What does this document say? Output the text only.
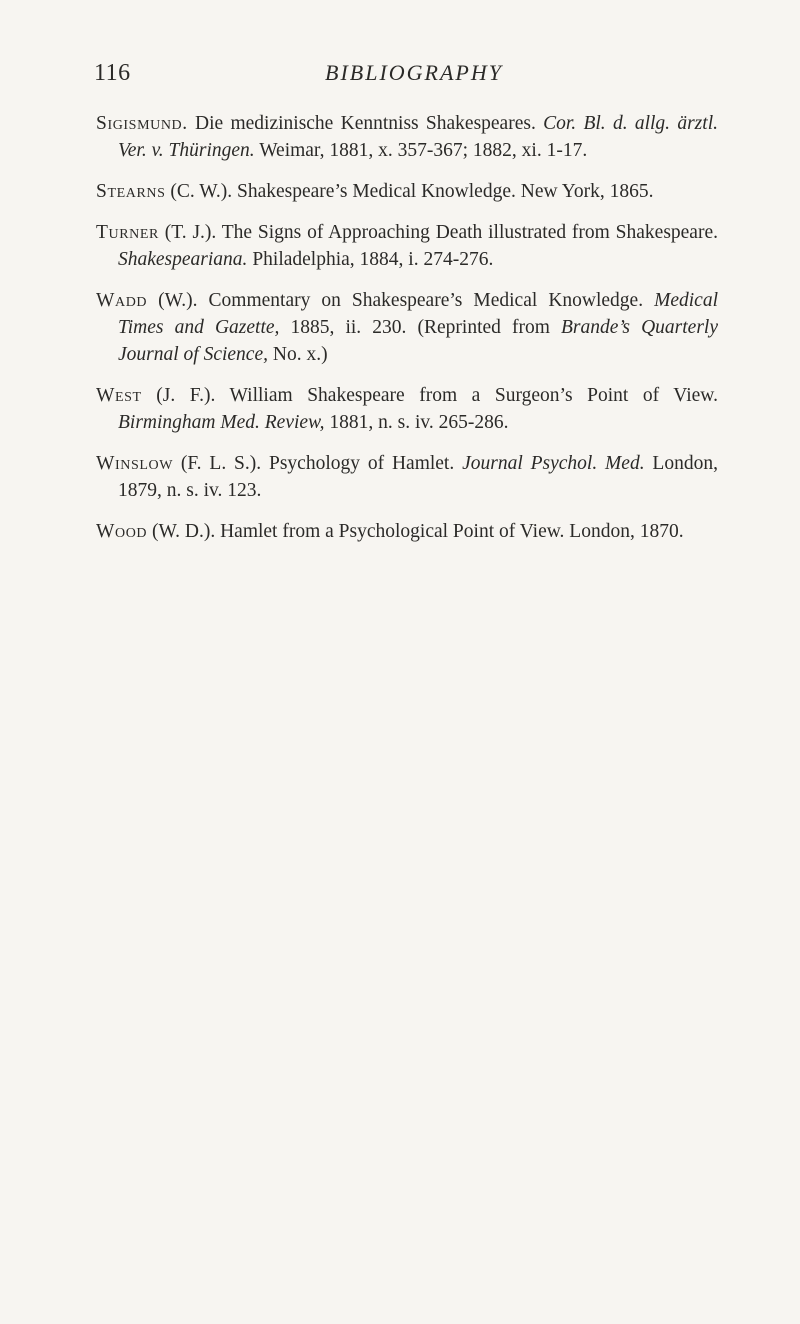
116	BIBLIOGRAPHY

Sigismund. Die medizinische Kenntniss Shakespeares. Cor. Bl. d. allg. ärztl. Ver. v. Thüringen. Weimar, 1881, x. 357-367; 1882, xi. 1-17.

Stearns (C. W.). Shakespeare’s Medical Knowledge. New York, 1865.

Turner (T. J.). The Signs of Approaching Death illustrated from Shakespeare. Shakespeariana. Philadelphia, 1884, i. 274-276.

Wadd (W.). Commentary on Shakespeare’s Medical Knowledge. Medical Times and Gazette, 1885, ii. 230. (Reprinted from Brande’s Quarterly Journal of Science, No. x.)

West (J. F.). William Shakespeare from a Surgeon’s Point of View. Birmingham Med. Review, 1881, n. s. iv. 265-286.

Winslow (F. L. S.). Psychology of Hamlet. Journal Psychol. Med. London, 1879, n. s. iv. 123.

Wood (W. D.). Hamlet from a Psychological Point of View. London, 1870.
